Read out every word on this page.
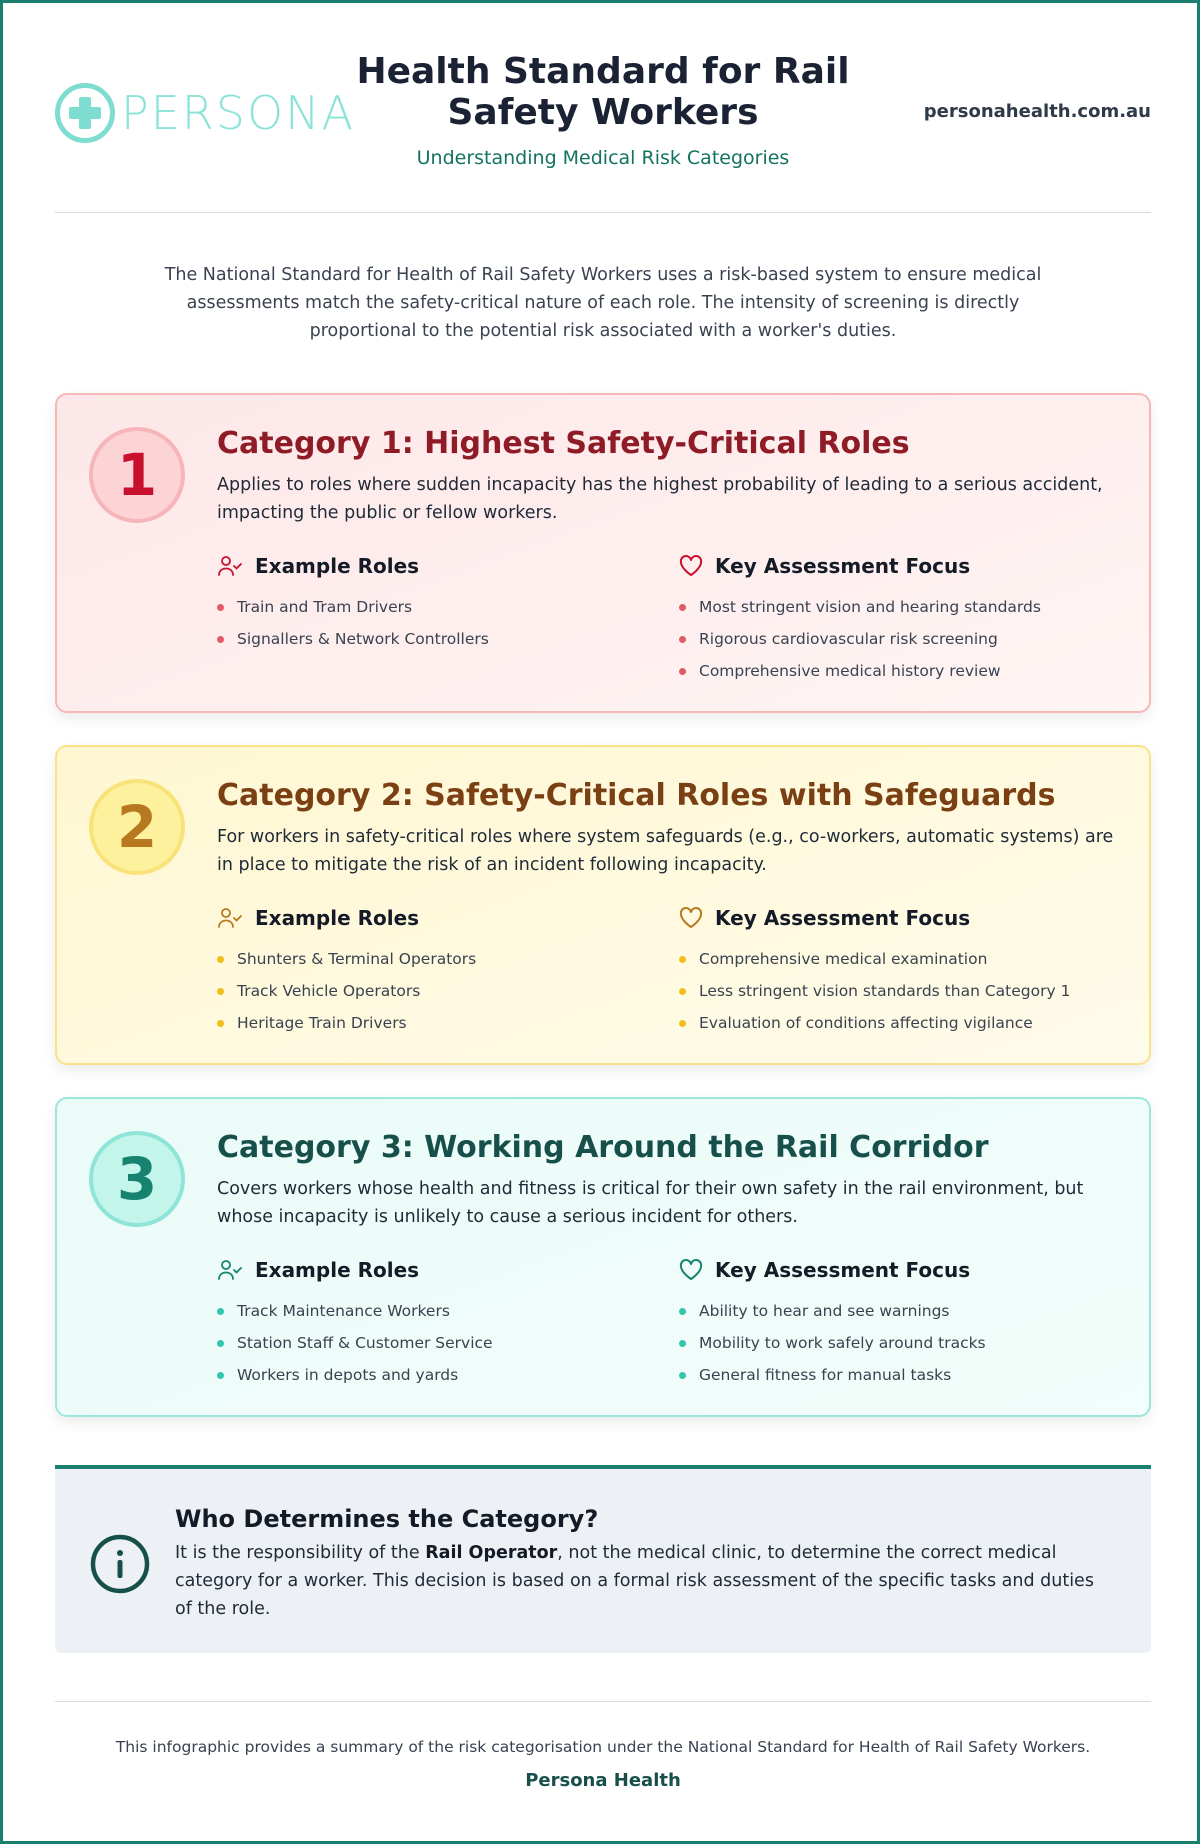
PERSONA
Health Standard for Rail Safety Workers
Understanding Medical Risk Categories
personahealth.com.au

The National Standard for Health of Rail Safety Workers uses a risk-based system to ensure medical assessments match the safety-critical nature of each role. The intensity of screening is directly proportional to the potential risk associated with a worker's duties.

1	Category 1: Highest Safety-Critical Roles

Applies to roles where sudden incapacity has the highest probability of leading to a serious accident, impacting the public or fellow workers.

Example Roles
Train and Tram Drivers
Signallers & Network Controllers
Key Assessment Focus
Most stringent vision and hearing standards
Rigorous cardiovascular risk screening
Comprehensive medical history review
2	Category 2: Safety-Critical Roles with Safeguards

For workers in safety-critical roles where system safeguards (e.g., co-workers, automatic systems) are in place to mitigate the risk of an incident following incapacity.

Example Roles
Shunters & Terminal Operators
Track Vehicle Operators
Heritage Train Drivers
Key Assessment Focus
Comprehensive medical examination
Less stringent vision standards than Category 1
Evaluation of conditions affecting vigilance
3	Category 3: Working Around the Rail Corridor

Covers workers whose health and fitness is critical for their own safety in the rail environment, but whose incapacity is unlikely to cause a serious incident for others.

Example Roles
Track Maintenance Workers
Station Staff & Customer Service
Workers in depots and yards
Key Assessment Focus
Ability to hear and see warnings
Mobility to work safely around tracks
General fitness for manual tasks
Who Determines the Category?

It is the responsibility of the Rail Operator, not the medical clinic, to determine the correct medical category for a worker. This decision is based on a formal risk assessment of the specific tasks and duties of the role.

This infographic provides a summary of the risk categorisation under the National Standard for Health of Rail Safety Workers.

Persona Health
